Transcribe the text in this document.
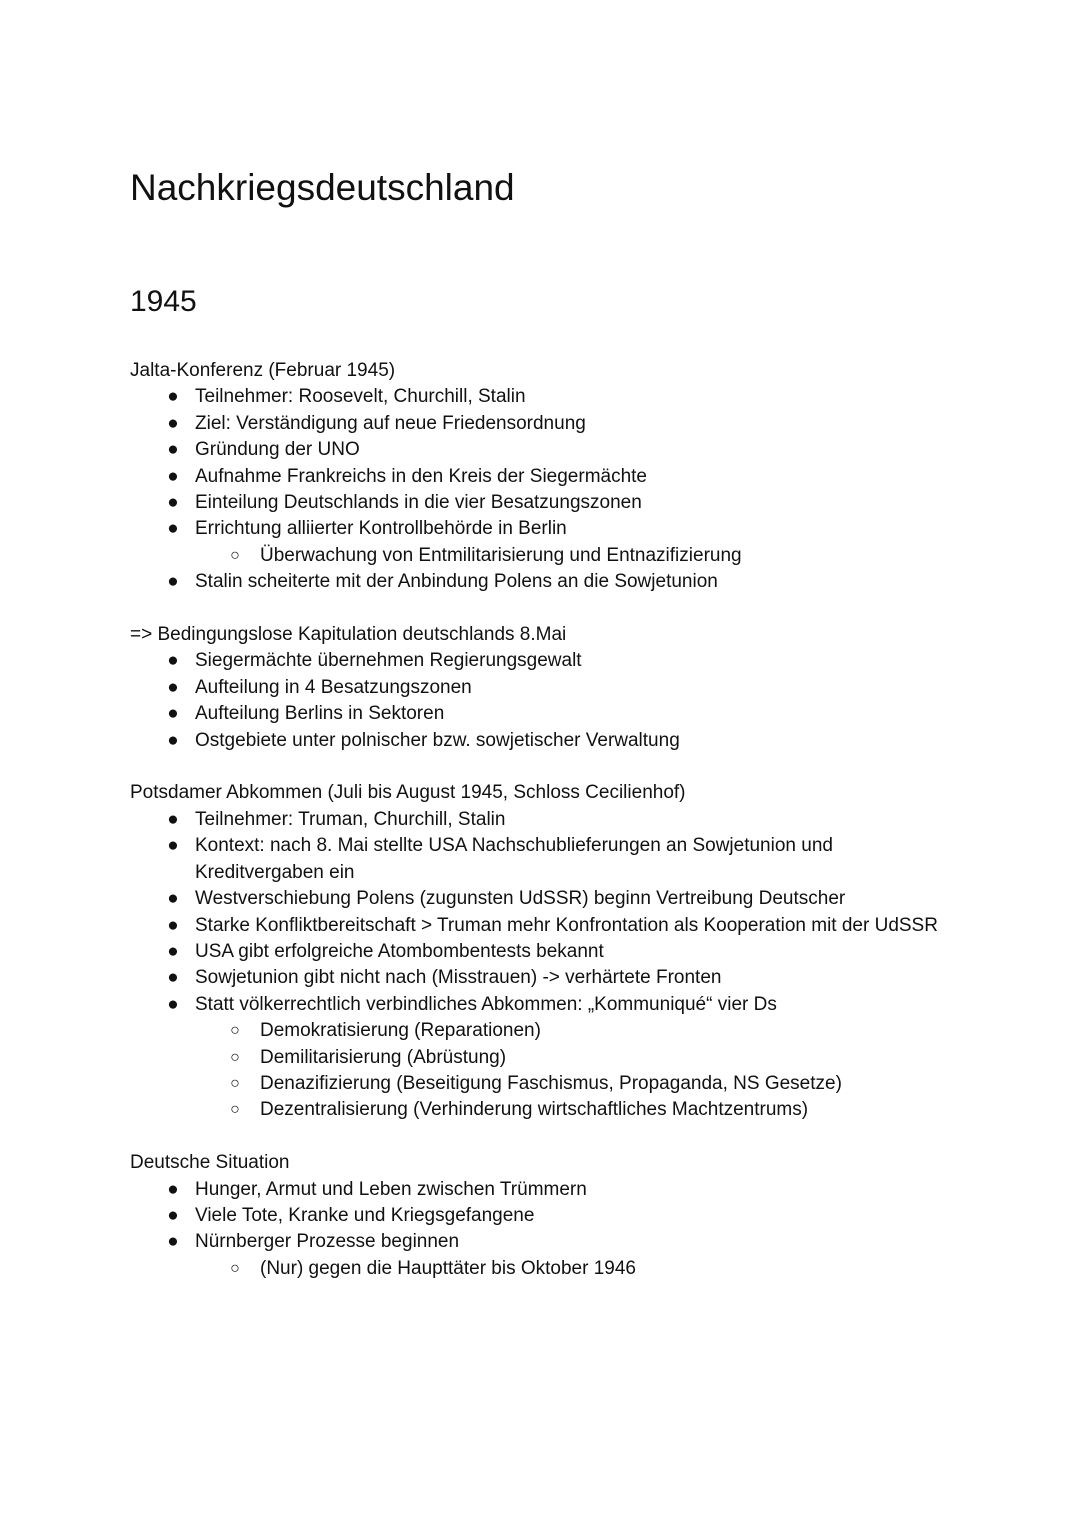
Nachkriegsdeutschland
1945

Jalta-Konferenz (Februar 1945)

● Teilnehmer: Roosevelt, Churchill, Stalin
● Ziel: Verständigung auf neue Friedensordnung
● Gründung der UNO
● Aufnahme Frankreichs in den Kreis der Siegermächte
● Einteilung Deutschlands in die vier Besatzungszonen
● Errichtung alliierter Kontrollbehörde in Berlin
○ Überwachung von Entmilitarisierung und Entnazifizierung
● Stalin scheiterte mit der Anbindung Polens an die Sowjetunion

=> Bedingungslose Kapitulation deutschlands 8.Mai

● Siegermächte übernehmen Regierungsgewalt
● Aufteilung in 4 Besatzungszonen
● Aufteilung Berlins in Sektoren
● Ostgebiete unter polnischer bzw. sowjetischer Verwaltung

Potsdamer Abkommen (Juli bis August 1945, Schloss Cecilienhof)

● Teilnehmer: Truman, Churchill, Stalin
● Kontext: nach 8. Mai stellte USA Nachschublieferungen an Sowjetunion und Kreditvergaben ein
● Westverschiebung Polens (zugunsten UdSSR) beginn Vertreibung Deutscher
● Starke Konfliktbereitschaft > Truman mehr Konfrontation als Kooperation mit der UdSSR
● USA gibt erfolgreiche Atombombentests bekannt
● Sowjetunion gibt nicht nach (Misstrauen) -> verhärtete Fronten
● Statt völkerrechtlich verbindliches Abkommen: „Kommuniqué“ vier Ds
○ Demokratisierung (Reparationen)
○ Demilitarisierung (Abrüstung)
○ Denazifizierung (Beseitigung Faschismus, Propaganda, NS Gesetze)
○ Dezentralisierung (Verhinderung wirtschaftliches Machtzentrums)

Deutsche Situation

● Hunger, Armut und Leben zwischen Trümmern
● Viele Tote, Kranke und Kriegsgefangene
● Nürnberger Prozesse beginnen
○ (Nur) gegen die Haupttäter bis Oktober 1946
